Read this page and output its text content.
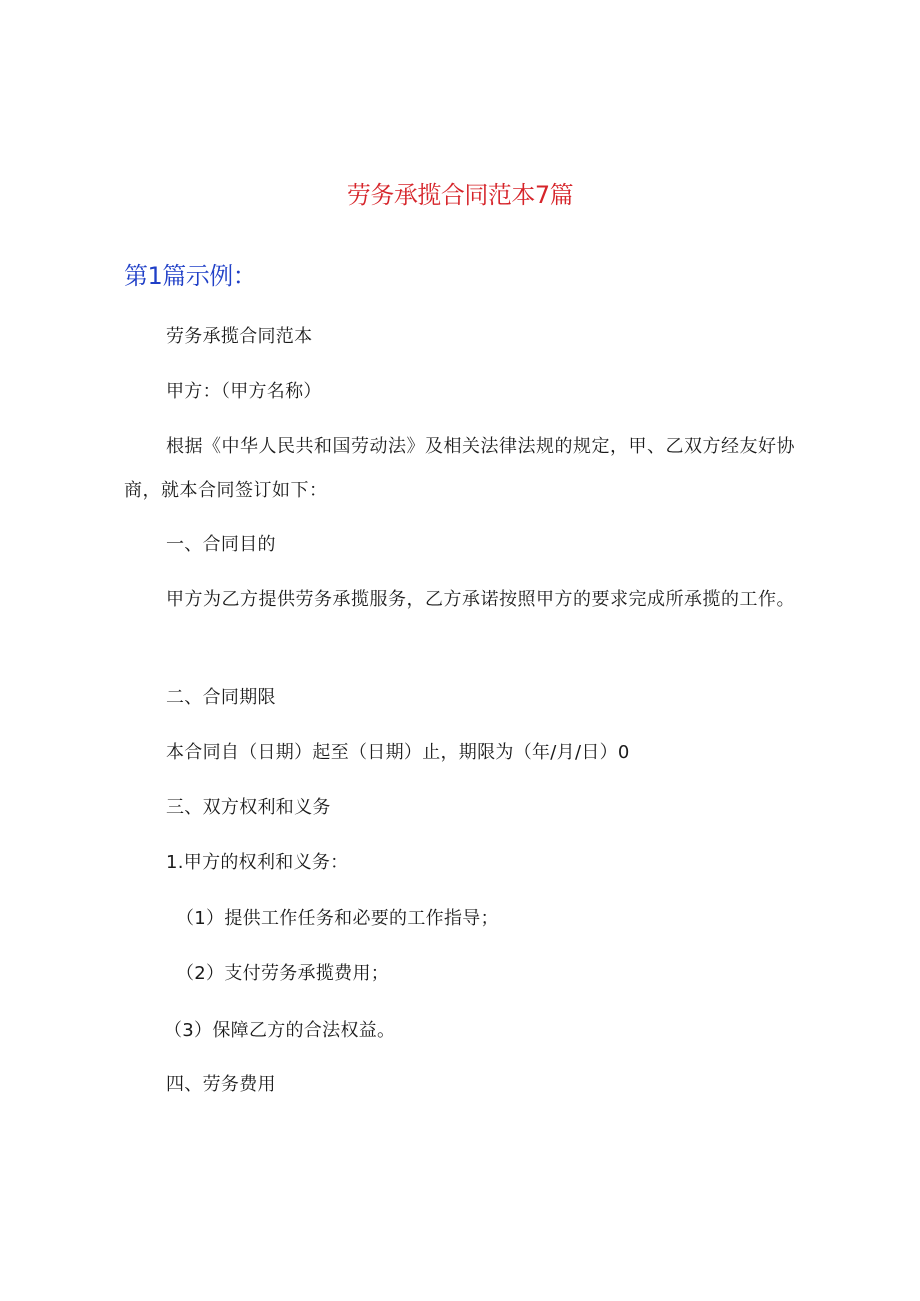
劳务承揽合同范本7篇
第1篇示例：
劳务承揽合同范本
甲方：（甲方名称）
根据《中华人民共和国劳动法》及相关法律法规的规定，甲、乙双方经友好协商，就本合同签订如下：
一、合同目的
甲方为乙方提供劳务承揽服务，乙方承诺按照甲方的要求完成所承揽的工作。
二、合同期限
本合同自（日期）起至（日期）止，期限为（年/月/日）0
三、双方权利和义务
1.甲方的权利和义务：
（1）提供工作任务和必要的工作指导；
（2）支付劳务承揽费用；
（3）保障乙方的合法权益。
四、劳务费用
